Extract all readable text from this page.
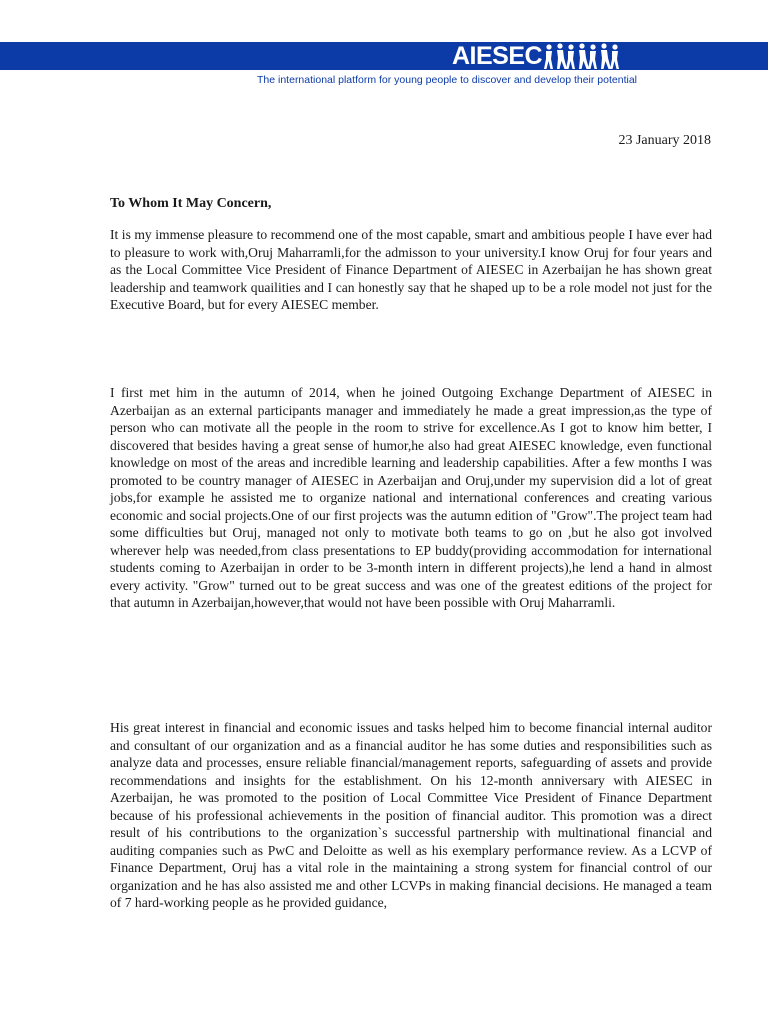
AIESEC
The international platform for young people to discover and develop their potential
23 January 2018
To Whom It May Concern,

It is my immense pleasure to recommend one of the most capable, smart and ambitious people I have ever had to pleasure to work with,Oruj Maharramli,for the admisson to your university.I know Oruj for four years and as the Local Committee Vice President of Finance Department of AIESEC in Azerbaijan he has shown great leadership and teamwork quailities and I can honestly say that he shaped up to be a role model not just for the Executive Board, but for every AIESEC member.

I first met him in the autumn of 2014, when he joined Outgoing Exchange Department of AIESEC in Azerbaijan as an external participants manager and immediately he made a great impression,as the type of person who can motivate all the people in the room to strive for excellence.As I got to know him better, I discovered that besides having a great sense of humor,he also had great AIESEC knowledge, even functional knowledge on most of the areas and incredible learning and leadership capabilities. After a few months I was promoted to be country manager of AIESEC in Azerbaijan and Oruj,under my supervision did a lot of great jobs,for example he assisted me to organize national and international conferences and creating various economic and social projects.One of our first projects was the autumn edition of "Grow".The project team had some difficulties but Oruj, managed not only to motivate both teams to go on ,but he also got involved wherever help was needed,from class presentations to EP buddy(providing accommodation for international students coming to Azerbaijan in order to be 3-month intern in different projects),he lend a hand in almost every activity. "Grow" turned out to be great success and was one of the greatest editions of the project for that autumn in Azerbaijan,however,that would not have been possible with Oruj Maharramli.

His great interest in financial and economic issues and tasks helped him to become financial internal auditor and consultant of our organization and as a financial auditor he has some duties and responsibilities such as analyze data and processes, ensure reliable financial/management reports, safeguarding of assets and provide recommendations and insights for the establishment. On his 12-month anniversary with AIESEC in Azerbaijan, he was promoted to the position of Local Committee Vice President of Finance Department because of his professional achievements in the position of financial auditor. This promotion was a direct result of his contributions to the organization`s successful partnership with multinational financial and auditing companies such as PwC and Deloitte as well as his exemplary performance review. As a LCVP of Finance Department, Oruj has a vital role in the maintaining a strong system for financial control of our organization and he has also assisted me and other LCVPs in making financial decisions. He managed a team of 7 hard-working people as he provided guidance,
